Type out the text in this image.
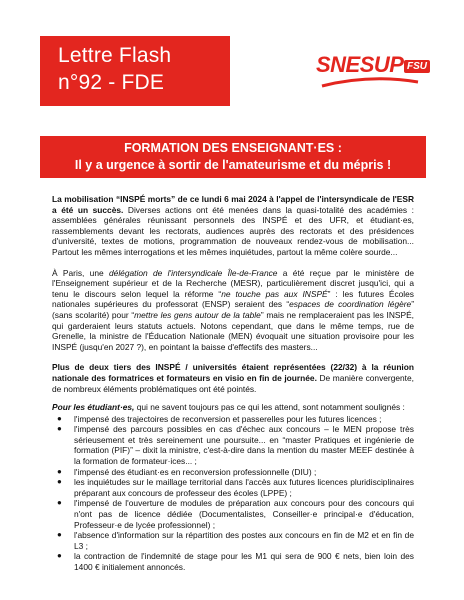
Lettre Flash
n°92 - FDE
SNESUP FSU
FORMATION DES ENSEIGNANT·ES :
Il y a urgence à sortir de l'amateurisme et du mépris !

La mobilisation “INSPÉ morts” de ce lundi 6 mai 2024 à l'appel de l'intersyndicale de l'ESR a été un succès. Diverses actions ont été menées dans la quasi-totalité des académies : assemblées générales réunissant personnels des INSPÉ et des UFR, et étudiant·es, rassemblements devant les rectorats, audiences auprès des rectorats et des présidences d'université, textes de motions, programmation de nouveaux rendez-vous de mobilisation... Partout les mêmes interrogations et les mêmes inquiétudes, partout la même colère sourde...

À Paris, une délégation de l'intersyndicale Île-de-France a été reçue par le ministère de l'Enseignement supérieur et de la Recherche (MESR), particulièrement discret jusqu'ici, qui a tenu le discours selon lequel la réforme “ne touche pas aux INSPÉ” : les futures Écoles nationales supérieures du professorat (ENSP) seraient des “espaces de coordination légère” (sans scolarité) pour “mettre les gens autour de la table” mais ne remplaceraient pas les INSPÉ, qui garderaient leurs statuts actuels. Notons cependant, que dans le même temps, rue de Grenelle, la ministre de l'Éducation Nationale (MEN) évoquait une situation provisoire pour les INSPÉ (jusqu'en 2027 ?), en pointant la baisse d'effectifs des masters...

Plus de deux tiers des INSPÉ / universités étaient représentées (22/32) à la réunion nationale des formatrices et formateurs en visio en fin de journée. De manière convergente, de nombreux éléments problématiques ont été pointés.

Pour les étudiant·es, qui ne savent toujours pas ce qui les attend, sont notamment soulignés :

● l'impensé des trajectoires de reconversion et passerelles pour les futures licences ;
● l'impensé des parcours possibles en cas d'échec aux concours – le MEN propose très sérieusement et très sereinement une poursuite... en “master Pratiques et ingénierie de formation (PIF)” – dixit la ministre, c'est-à-dire dans la mention du master MEEF destinée à la formation de formateur·ices... ;
● l'impensé des étudiant·es en reconversion professionnelle (DIU) ;
● les inquiétudes sur le maillage territorial dans l'accès aux futures licences pluridisciplinaires préparant aux concours de professeur des écoles (LPPE) ;
● l'impensé de l'ouverture de modules de préparation aux concours pour des concours qui n'ont pas de licence dédiée (Documentalistes, Conseiller·e principal·e d'éducation, Professeur·e de lycée professionnel) ;
● l'absence d'information sur la répartition des postes aux concours en fin de M2 et en fin de L3 ;
● la contraction de l'indemnité de stage pour les M1 qui sera de 900 € nets, bien loin des 1400 € initialement annoncés.
